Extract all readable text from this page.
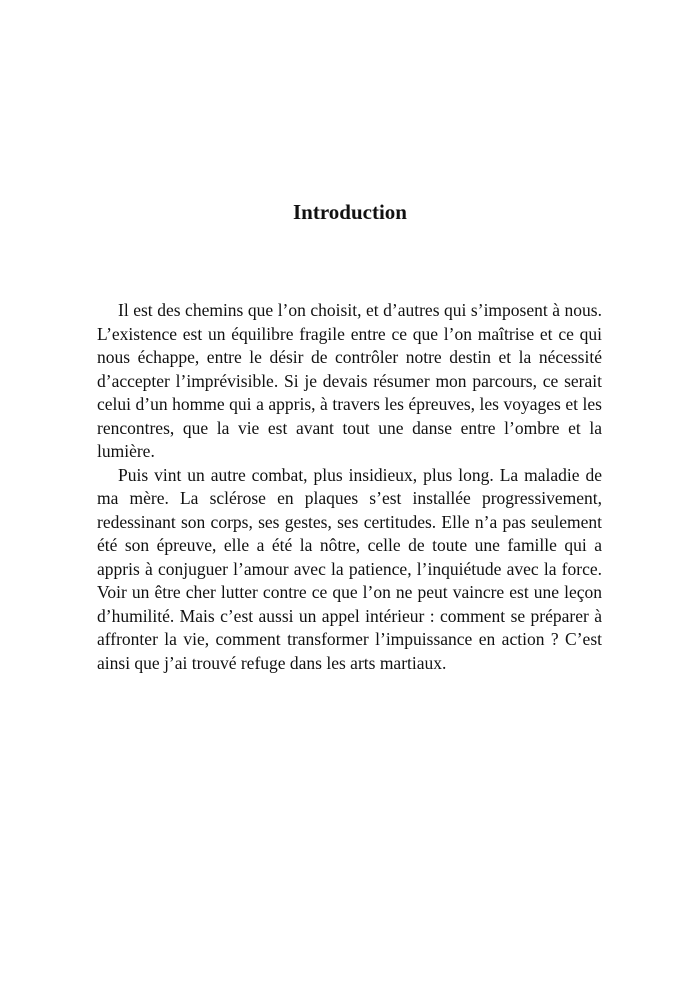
Introduction

Il est des chemins que l’on choisit, et d’autres qui s’imposent à nous. L’existence est un équilibre fragile entre ce que l’on maîtrise et ce qui nous échappe, entre le désir de contrôler notre destin et la nécessité d’accepter l’imprévisible. Si je devais résumer mon parcours, ce serait celui d’un homme qui a appris, à travers les épreuves, les voyages et les rencontres, que la vie est avant tout une danse entre l’ombre et la lumière.

Puis vint un autre combat, plus insidieux, plus long. La maladie de ma mère. La sclérose en plaques s’est installée progressivement, redessinant son corps, ses gestes, ses certitudes. Elle n’a pas seulement été son épreuve, elle a été la nôtre, celle de toute une famille qui a appris à conjuguer l’amour avec la patience, l’inquiétude avec la force. Voir un être cher lutter contre ce que l’on ne peut vaincre est une leçon d’humilité. Mais c’est aussi un appel intérieur : comment se préparer à affronter la vie, comment transformer l’impuissance en action ? C’est ainsi que j’ai trouvé refuge dans les arts martiaux.
